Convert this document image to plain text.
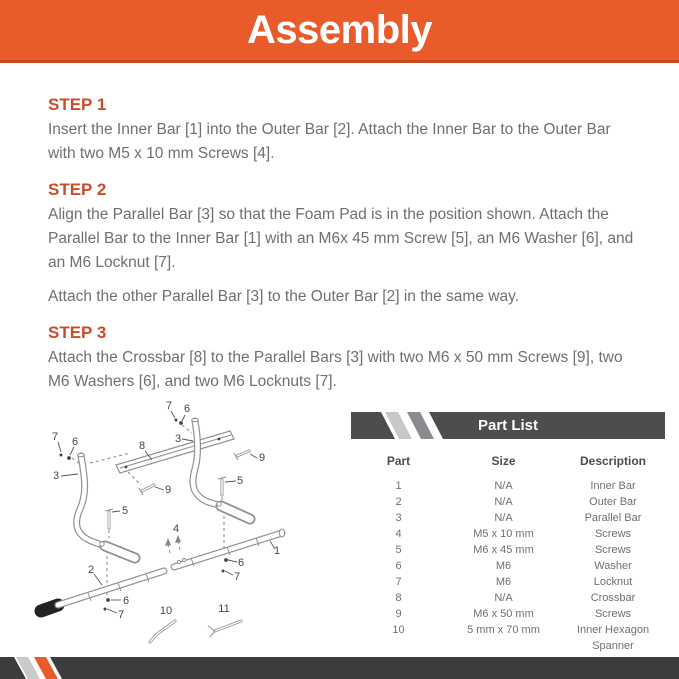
Assembly
STEP 1

Insert the Inner Bar [1] into the Outer Bar [2]. Attach the Inner Bar to the Outer Bar with two M5 x 10 mm Screws [4].

STEP 2

Align the Parallel Bar [3] so that the Foam Pad is in the position shown. Attach the Parallel Bar to the Inner Bar [1] with an M6x 45 mm Screw [5], an M6 Washer [6], and an M6 Locknut [7].

Attach the other Parallel Bar [3] to the Outer Bar [2] in the same way.

STEP 3

Attach the Crossbar [8] to the Parallel Bars [3] with two M6 x 50 mm Screws [9], two M6 Washers [6], and two M6 Locknuts [7].

7 6
3
5
9
2
6
7
7 6
3
8
9
5
4
1
6
7
10	11
Part List
Part	Size	Description
1	N/A	Inner Bar
2	N/A	Outer Bar
3	N/A	Parallel Bar
4	M5 x 10 mm	Screws
5	M6 x 45 mm	Screws
6	M6	Washer
7	M6	Locknut
8	N/A	Crossbar
9	M6 x 50 mm	Screws
10	5 mm x 70 mm	Inner Hexagon Spanner
